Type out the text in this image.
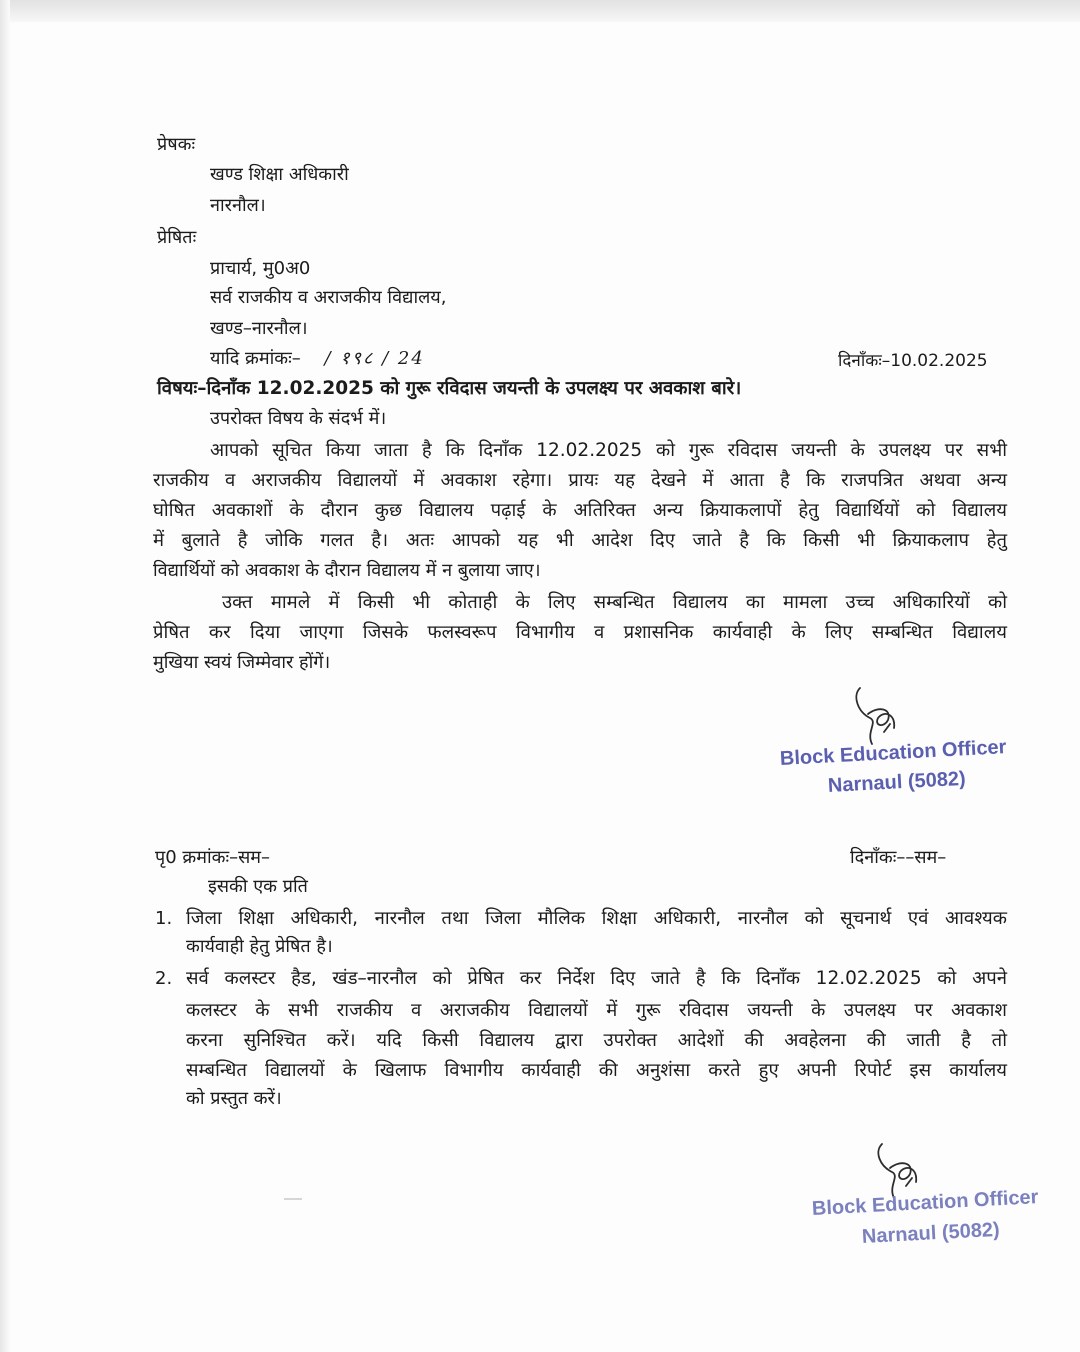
प्रेषकः
खण्ड शिक्षा अधिकारी
नारनौल।
प्रेषितः
प्राचार्य, मु0अ0
सर्व राजकीय व अराजकीय विद्यालय,
खण्ड–नारनौल।
यादि क्रमांकः– / १९८ / 24	दिनाँकः–10.02.2025
विषयः–दिनाँक 12.02.2025 को गुरू रविदास जयन्ती के उपलक्ष्य पर अवकाश बारे।
उपरोक्त विषय के संदर्भ में।
आपको सूचित किया जाता है कि दिनाँक 12.02.2025 को गुरू रविदास जयन्ती के उपलक्ष्य पर सभी
राजकीय व अराजकीय विद्यालयों में अवकाश रहेगा। प्रायः यह देखने में आता है कि राजपत्रित अथवा अन्य
घोषित अवकाशों के दौरान कुछ विद्यालय पढ़ाई के अतिरिक्त अन्य क्रियाकलापों हेतु विद्यार्थियों को विद्यालय
में बुलाते है जोकि गलत है। अतः आपको यह भी आदेश दिए जाते है कि किसी भी क्रियाकलाप हेतु
विद्यार्थियों को अवकाश के दौरान विद्यालय में न बुलाया जाए।
उक्त मामले में किसी भी कोताही के लिए सम्बन्धित विद्यालय का मामला उच्च अधिकारियों को
प्रेषित कर दिया जाएगा जिसके फलस्वरूप विभागीय व प्रशासनिक कार्यवाही के लिए सम्बन्धित विद्यालय
मुखिया स्वयं जिम्मेवार होंगें।
Block Education Officer
Narnaul (5082)
पृ0 क्रमांकः–सम–	दिनाँकः––सम–
इसकी एक प्रति
1. जिला शिक्षा अधिकारी, नारनौल तथा जिला मौलिक शिक्षा अधिकारी, नारनौल को सूचनार्थ एवं आवश्यक
कार्यवाही हेतु प्रेषित है।
2. सर्व कलस्टर हैड, खंड–नारनौल को प्रेषित कर निर्देश दिए जाते है कि दिनाँक 12.02.2025 को अपने
कलस्टर के सभी राजकीय व अराजकीय विद्यालयों में गुरू रविदास जयन्ती के उपलक्ष्य पर अवकाश
करना सुनिश्चित करें। यदि किसी विद्यालय द्वारा उपरोक्त आदेशों की अवहेलना की जाती है तो
सम्बन्धित विद्यालयों के खिलाफ विभागीय कार्यवाही की अनुशंसा करते हुए अपनी रिपोर्ट इस कार्यालय
को प्रस्तुत करें।
Block Education Officer
Narnaul (5082)
